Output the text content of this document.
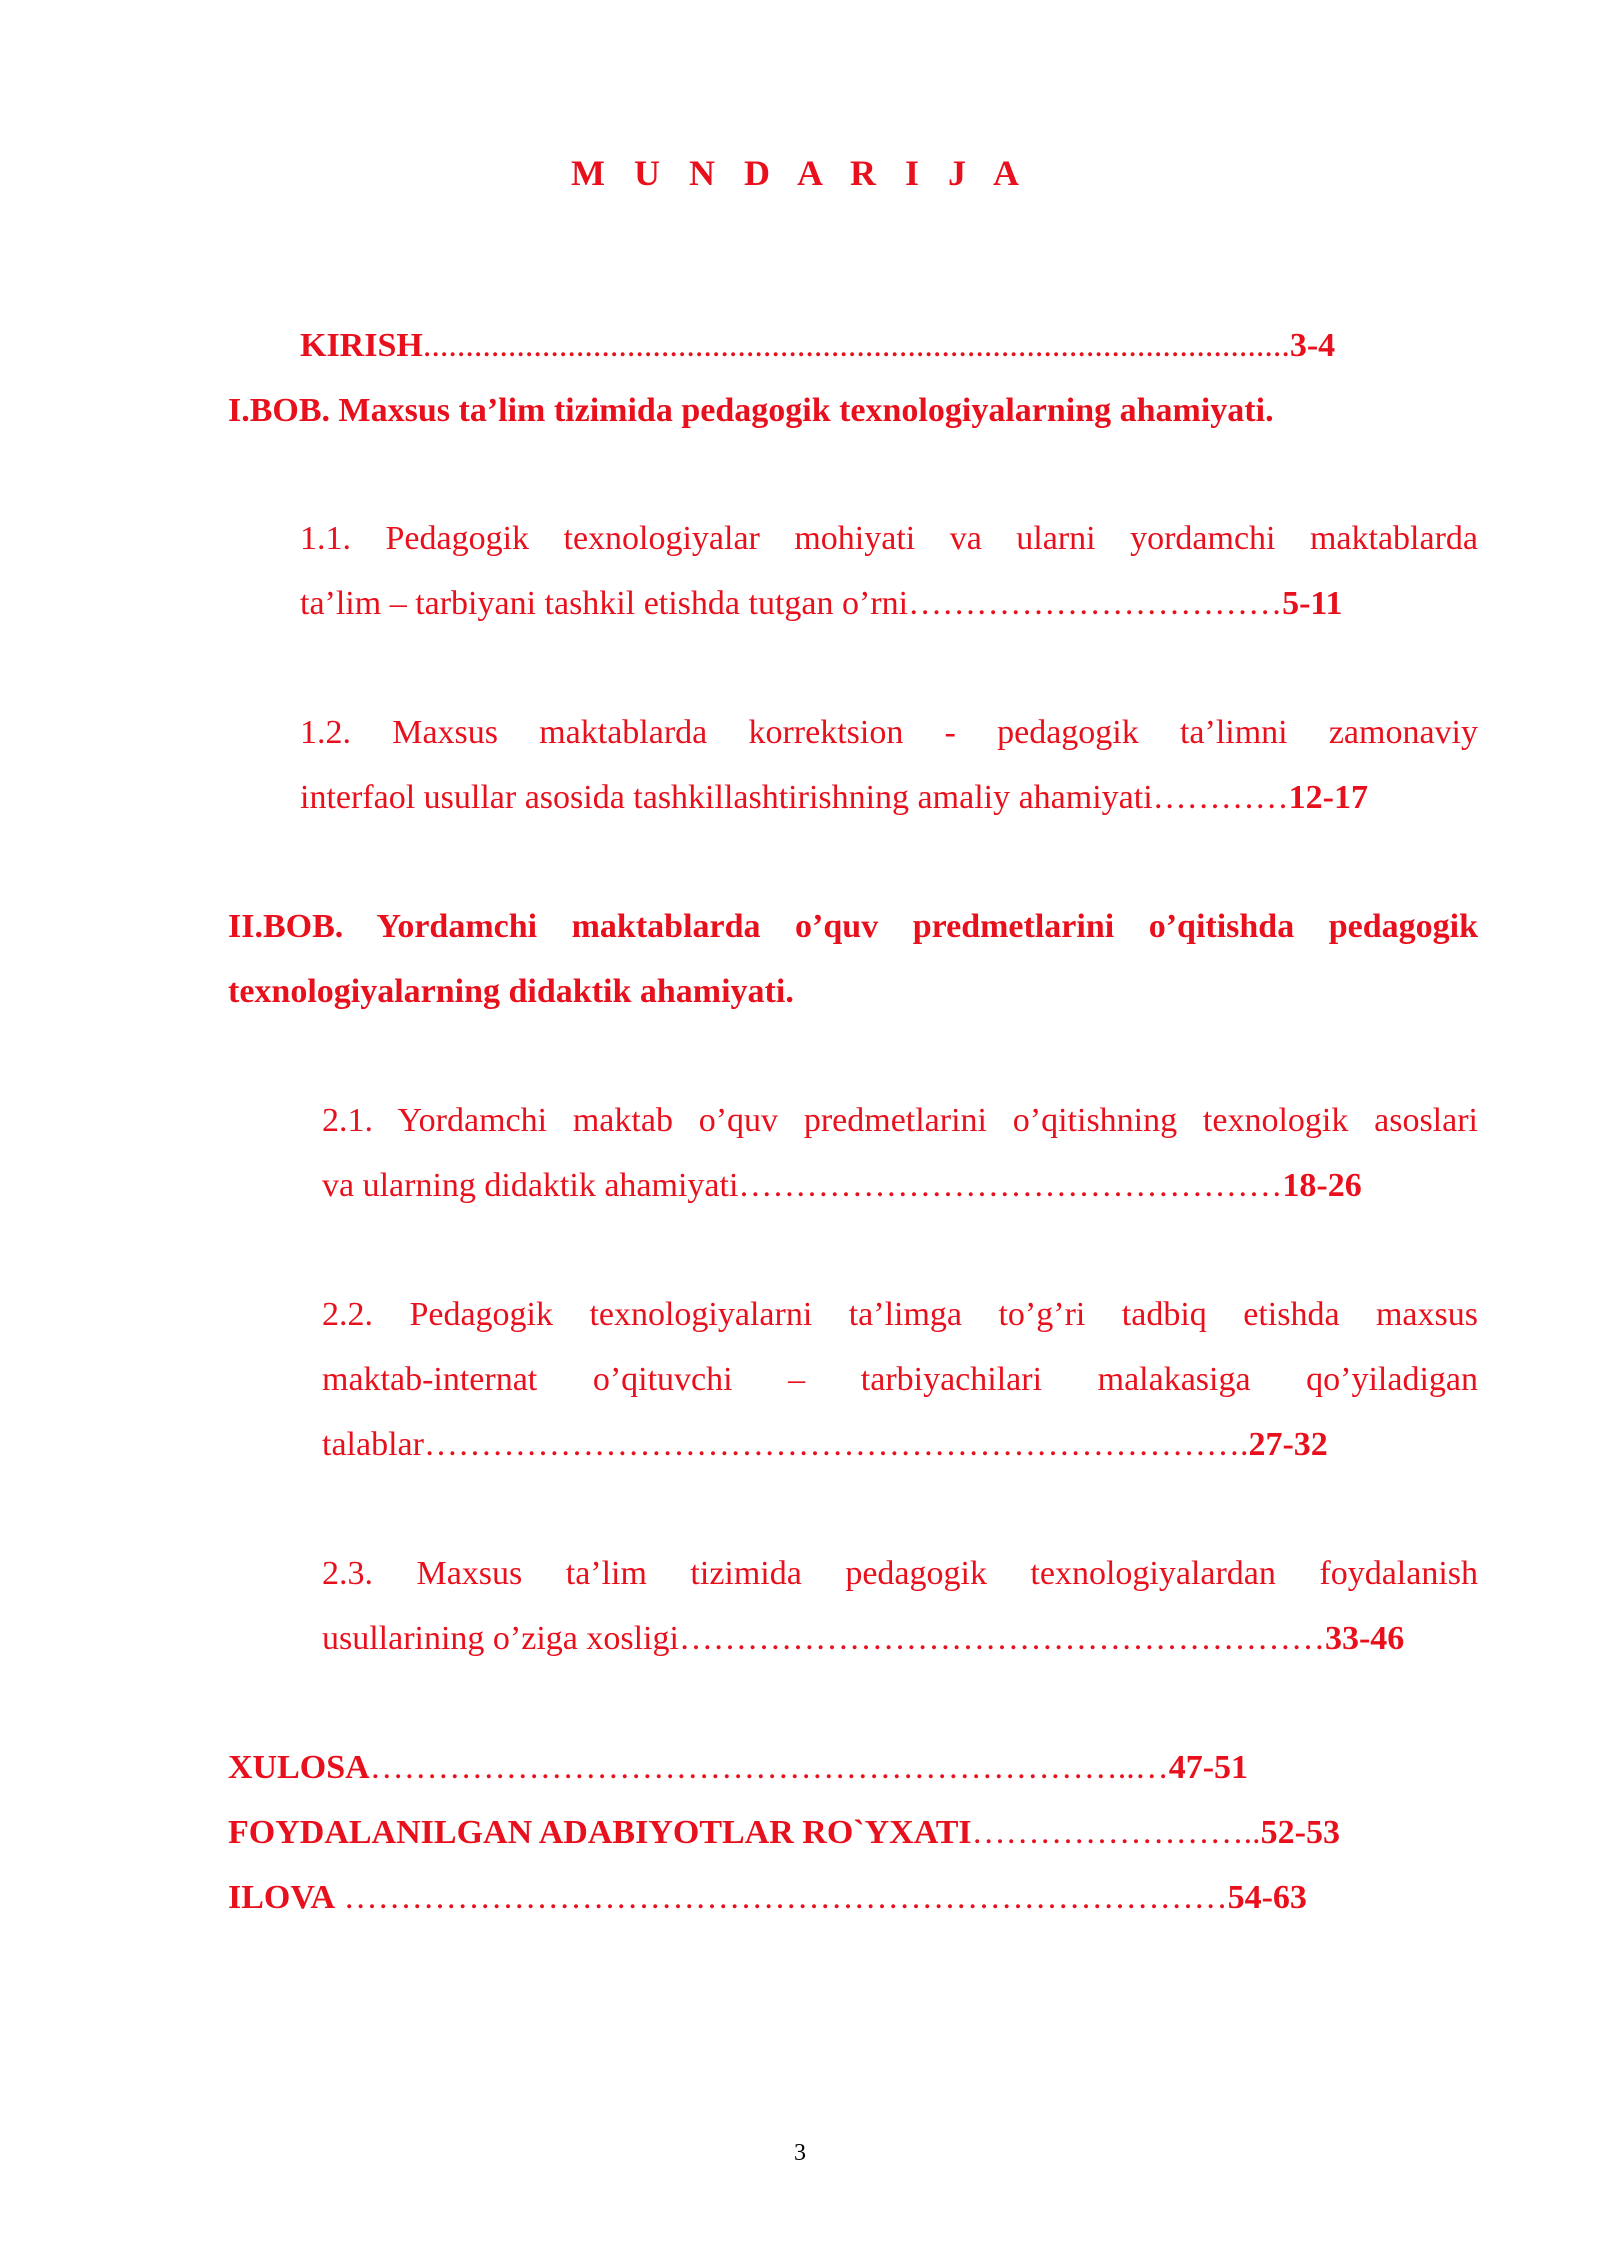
M U N D A R I J A
KIRISH......................................................................................................3-4
I.BOB. Maxsus ta’lim tizimida pedagogik texnologiyalarning ahamiyati.
1.1. Pedagogik texnologiyalar mohiyati va ularni yordamchi maktablarda
ta’lim – tarbiyani tashkil etishda tutgan o’rni……………………………5-11
1.2. Maxsus maktablarda korrektsion - pedagogik ta’limni zamonaviy
interfaol usullar asosida tashkillashtirishning amaliy ahamiyati…………12-17
II.BOB. Yordamchi maktablarda o’quv predmetlarini o’qitishda pedagogik
texnologiyalarning didaktik ahamiyati.
2.1. Yordamchi maktab o’quv predmetlarini o’qitishning texnologik asoslari
va ularning didaktik ahamiyati…………………………………………18-26
2.2. Pedagogik texnologiyalarni ta’limga to’g’ri tadbiq etishda maxsus
maktab-internat o’qituvchi – tarbiyachilari malakasiga qo’yiladigan
talablar……………………………………………………………….27-32
2.3. Maxsus ta’lim tizimida pedagogik texnologiyalardan foydalanish
usullarining o’ziga xosligi…………………………………………………33-46
XULOSA…………………………………………………………..…47-51
FOYDALANILGAN ADABIYOTLAR RO`YXATI……………………..52-53
ILOVA ……………………………………………………………………54-63
3
